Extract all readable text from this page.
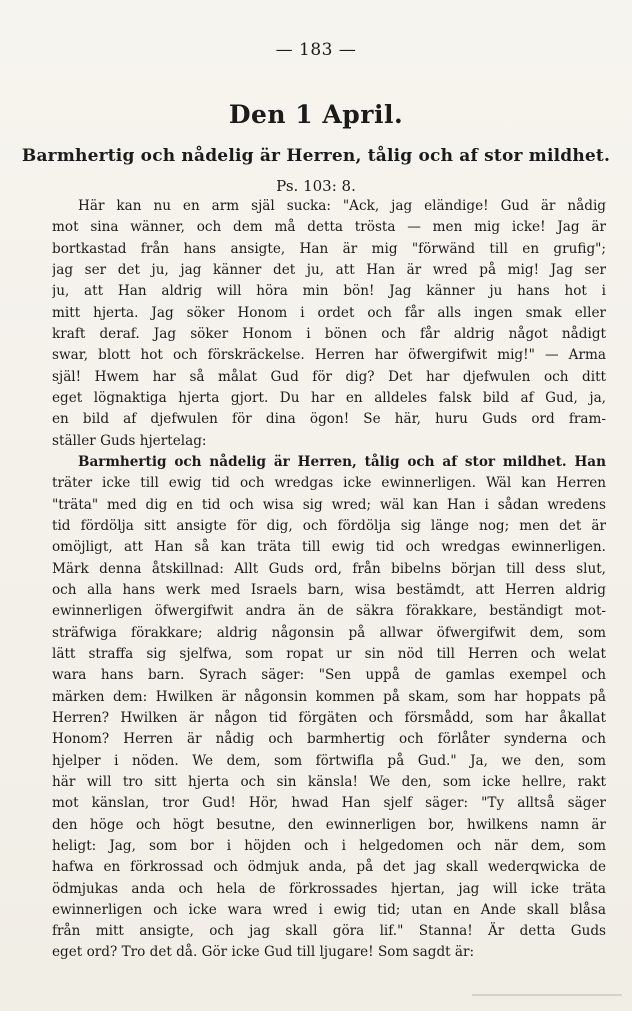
— 183 —
Den 1 April.
Barmhertig och nådelig är Herren, tålig och af stor mildhet.
Ps. 103: 8.
Här kan nu en arm själ sucka: "Ack, jag eländige! Gud är nådig
mot sina wänner, och dem må detta trösta — men mig icke! Jag är
bortkastad från hans ansigte, Han är mig "förwänd till en grufig";
jag ser det ju, jag känner det ju, att Han är wred på mig! Jag ser
ju, att Han aldrig will höra min bön! Jag känner ju hans hot i
mitt hjerta. Jag söker Honom i ordet och får alls ingen smak eller
kraft deraf. Jag söker Honom i bönen och får aldrig något nådigt
swar, blott hot och förskräckelse. Herren har öfwergifwit mig!" — Arma
själ! Hwem har så målat Gud för dig? Det har djefwulen och ditt
eget lögnaktiga hjerta gjort. Du har en alldeles falsk bild af Gud, ja,
en bild af djefwulen för dina ögon! Se här, huru Guds ord fram-
ställer Guds hjertelag:
Barmhertig och nådelig är Herren, tålig och af stor mildhet. Han
träter icke till ewig tid och wredgas icke ewinnerligen. Wäl kan Herren
"träta" med dig en tid och wisa sig wred; wäl kan Han i sådan wredens
tid fördölja sitt ansigte för dig, och fördölja sig länge nog; men det är
omöjligt, att Han så kan träta till ewig tid och wredgas ewinnerligen.
Märk denna åtskillnad: Allt Guds ord, från bibelns början till dess slut,
och alla hans werk med Israels barn, wisa bestämdt, att Herren aldrig
ewinnerligen öfwergifwit andra än de säkra förakkare, beständigt mot-
sträfwiga förakkare; aldrig någonsin på allwar öfwergifwit dem, som
lätt straffa sig sjelfwa, som ropat ur sin nöd till Herren och welat
wara hans barn. Syrach säger: "Sen uppå de gamlas exempel och
märken dem: Hwilken är någonsin kommen på skam, som har hoppats på
Herren? Hwilken är någon tid förgäten och försmådd, som har åkallat
Honom? Herren är nådig och barmhertig och förlåter synderna och
hjelper i nöden. We dem, som förtwifla på Gud." Ja, we den, som
här will tro sitt hjerta och sin känsla! We den, som icke hellre, rakt
mot känslan, tror Gud! Hör, hwad Han sjelf säger: "Ty alltså säger
den höge och högt besutne, den ewinnerligen bor, hwilkens namn är
heligt: Jag, som bor i höjden och i helgedomen och när dem, som
hafwa en förkrossad och ödmjuk anda, på det jag skall wederqwicka de
ödmjukas anda och hela de förkrossades hjertan, jag will icke träta
ewinnerligen och icke wara wred i ewig tid; utan en Ande skall blåsa
från mitt ansigte, och jag skall göra lif." Stanna! Är detta Guds
eget ord? Tro det då. Gör icke Gud till ljugare! Som sagdt är:
